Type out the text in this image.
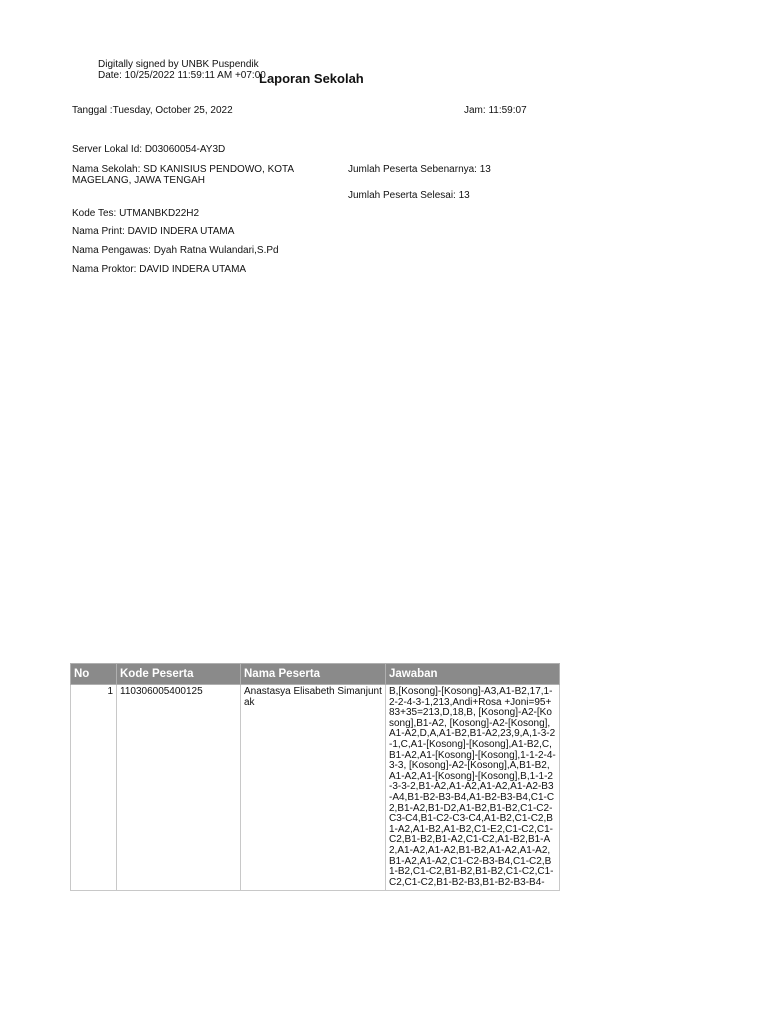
Digitally signed by UNBK Puspendik
Date: 10/25/2022 11:59:11 AM +07:00
Laporan Sekolah
Tanggal :Tuesday, October 25, 2022	Jam: 11:59:07
Server Lokal Id: D03060054-AY3D
Nama Sekolah: SD KANISIUS PENDOWO, KOTA MAGELANG, JAWA TENGAH
Jumlah Peserta Sebenarnya: 13
Jumlah Peserta Selesai: 13
Kode Tes: UTMANBKD22H2
Nama Print: DAVID INDERA UTAMA
Nama Pengawas: Dyah Ratna Wulandari,S.Pd
Nama Proktor: DAVID INDERA UTAMA
No	Kode Peserta	Nama Peserta	Jawaban
1	110306005400125	Anastasya Elisabeth Simanjuntak	B,[Kosong]-[Kosong]-A3,A1-B2,17,1-2-2-4-3-1,213,Andi+Rosa +Joni=95+83+35=213,D,18,B, [Kosong]-A2-[Kosong],B1-A2, [Kosong]-A2-[Kosong],A1-A2,D,A,A1-B2,B1-A2,23,9,A,1-3-2-1,C,A1-[Kosong]-[Kosong],A1-B2,C,B1-A2,A1-[Kosong]-[Kosong],1-1-2-4-3-3, [Kosong]-A2-[Kosong],A,B1-B2,A1-A2,A1-[Kosong]-[Kosong],B,1-1-2-3-3-2,B1-A2,A1-A2,A1-A2,A1-A2-B3-A4,B1-B2-B3-B4,A1-B2-B3-B4,C1-C2,B1-A2,B1-D2,A1-B2,B1-B2,C1-C2-C3-C4,B1-C2-C3-C4,A1-B2,C1-C2,B1-A2,A1-B2,A1-B2,C1-E2,C1-C2,C1-C2,B1-B2,B1-A2,C1-C2,A1-B2,B1-A2,A1-A2,A1-A2,B1-B2,A1-A2,A1-A2,B1-A2,A1-A2,C1-C2-B3-B4,C1-C2,B1-B2,C1-C2,B1-B2,B1-B2,C1-C2,C1-C2,C1-C2,B1-B2-B3,B1-B2-B3-B4-
